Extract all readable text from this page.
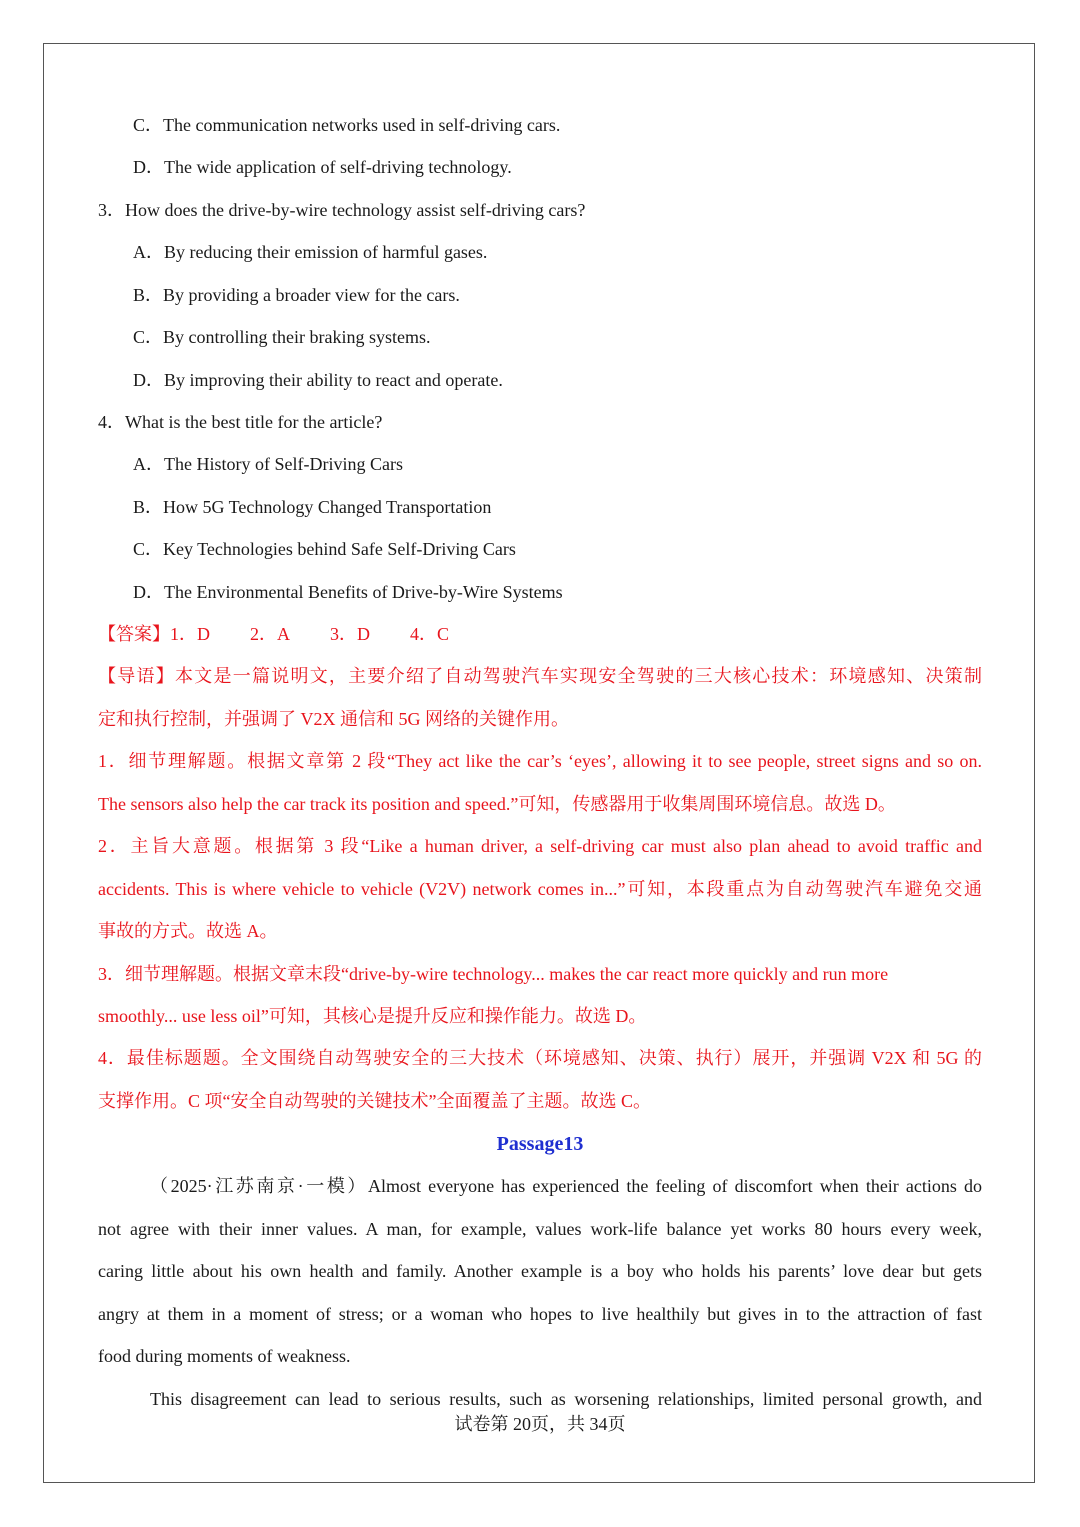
C．The communication networks used in self-driving cars.
D．The wide application of self-driving technology.
3．How does the drive-by-wire technology assist self-driving cars?
A．By reducing their emission of harmful gases.
B．By providing a broader view for the cars.
C．By controlling their braking systems.
D．By improving their ability to react and operate.
4．What is the best title for the article?
A．The History of Self-Driving Cars
B．How 5G Technology Changed Transportation
C．Key Technologies behind Safe Self-Driving Cars
D．The Environmental Benefits of Drive-by-Wire Systems
【答案】1．D 2．A 3．D 4．C
【导语】本文是一篇说明文，主要介绍了自动驾驶汽车实现安全驾驶的三大核心技术：环境感知、决策制
定和执行控制，并强调了 V2X 通信和 5G 网络的关键作用。
1．细节理解题。根据文章第 2 段“They act like the car’s ‘eyes’, allowing it to see people, street signs and so on.
The sensors also help the car track its position and speed.”可知，传感器用于收集周围环境信息。故选 D。
2．主旨大意题。根据第 3 段“Like a human driver, a self-driving car must also plan ahead to avoid traffic and
accidents. This is where vehicle to vehicle (V2V) network comes in...”可知，本段重点为自动驾驶汽车避免交通
事故的方式。故选 A。
3．细节理解题。根据文章末段“drive-by-wire technology... makes the car react more quickly and run more
smoothly... use less oil”可知，其核心是提升反应和操作能力。故选 D。
4．最佳标题题。全文围绕自动驾驶安全的三大技术（环境感知、决策、执行）展开，并强调 V2X 和 5G 的
支撑作用。C 项“安全自动驾驶的关键技术”全面覆盖了主题。故选 C。
Passage13
（2025·江苏南京·一模）Almost everyone has experienced the feeling of discomfort when their actions do
not agree with their inner values. A man, for example, values work-life balance yet works 80 hours every week,
caring little about his own health and family. Another example is a boy who holds his parents’ love dear but gets
angry at them in a moment of stress; or a woman who hopes to live healthily but gives in to the attraction of fast
food during moments of weakness.
This disagreement can lead to serious results, such as worsening relationships, limited personal growth, and
试卷第 20页，共 34页
